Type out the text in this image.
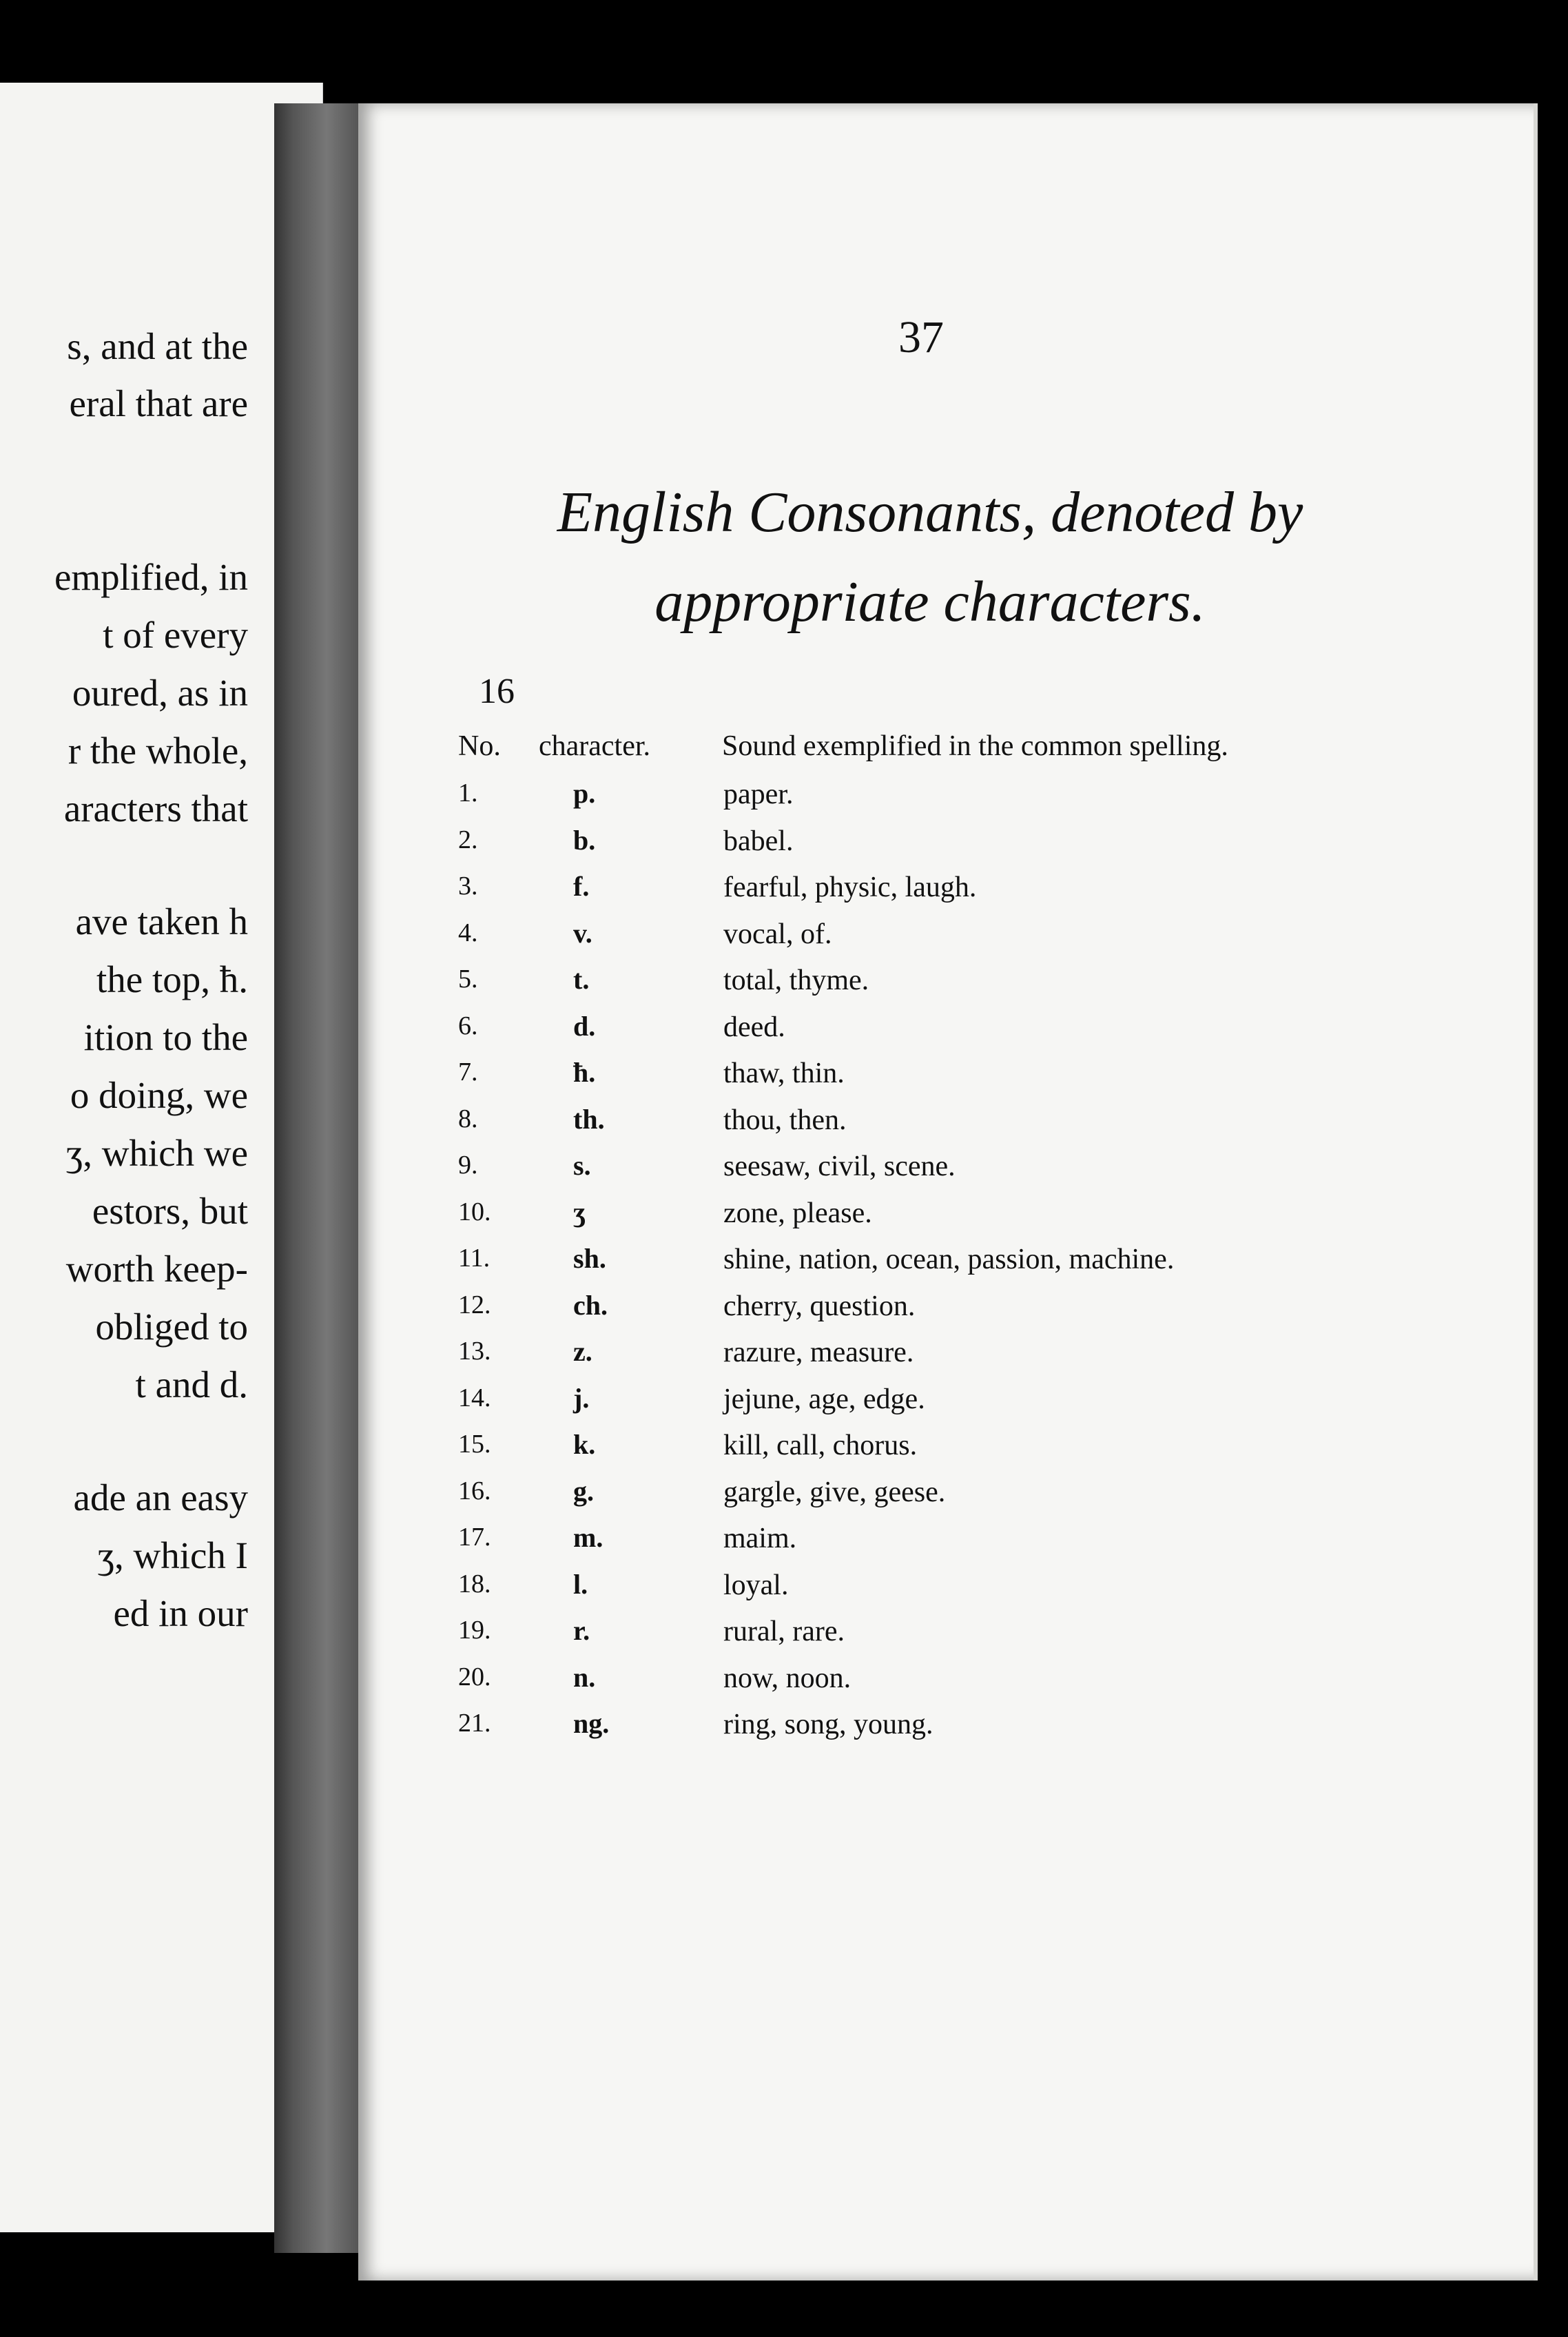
s, and at the
eral that are
emplified, in
t of every
oured, as in
r the whole,
aracters that
ave taken h
the top, ħ.
ition to the
o doing, we
ʒ, which we
estors, but
worth keep-
obliged to
t and d.
ade an easy
ʒ, which I
ed in our
37
English Consonants, denoted by
appropriate characters.
16
No. character. Sound exemplified in the common spelling.
1.	p.	paper.
2.	b.	babel.
3.	f.	fearful, physic, laugh.
4.	v.	vocal, of.
5.	t.	total, thyme.
6.	d.	deed.
7.	ħ.	thaw, thin.
8.	th.	thou, then.
9.	s.	seesaw, civil, scene.
10.	ʒ	zone, please.
11.	sh.	shine, nation, ocean, passion, machine.
12.	ch.	cherry, question.
13.	z.	razure, measure.
14.	j.	jejune, age, edge.
15.	k.	kill, call, chorus.
16.	g.	gargle, give, geese.
17.	m.	maim.
18.	l.	loyal.
19.	r.	rural, rare.
20.	n.	now, noon.
21.	ng.	ring, song, young.
